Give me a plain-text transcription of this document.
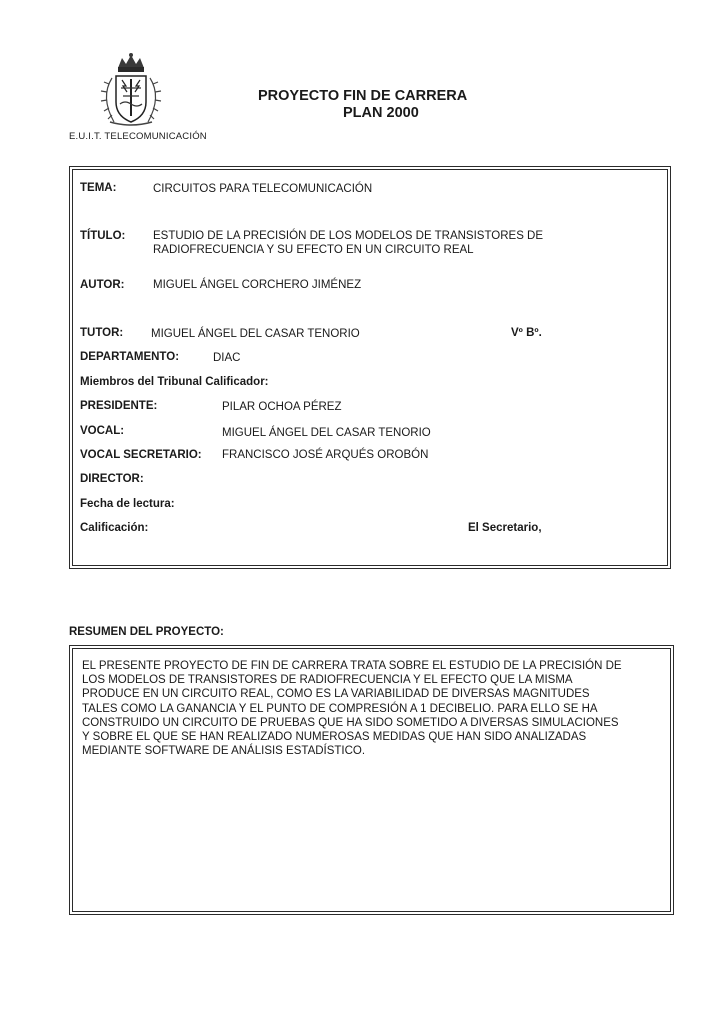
E.U.I.T. TELECOMUNICACIÓN
PROYECTO FIN DE CARRERA
PLAN 2000
TEMA:	CIRCUITOS PARA TELECOMUNICACIÓN
TÍTULO: ESTUDIO DE LA PRECISIÓN DE LOS MODELOS DE TRANSISTORES DE
RADIOFRECUENCIA Y SU EFECTO EN UN CIRCUITO REAL
AUTOR: MIGUEL ÁNGEL CORCHERO JIMÉNEZ
TUTOR: MIGUEL ÁNGEL DEL CASAR TENORIO	Vº Bº.
DEPARTAMENTO:	DIAC
Miembros del Tribunal Calificador:
PRESIDENTE:	PILAR OCHOA PÉREZ
VOCAL:	MIGUEL ÁNGEL DEL CASAR TENORIO
VOCAL SECRETARIO: FRANCISCO JOSÉ ARQUÉS OROBÓN
DIRECTOR:
Fecha de lectura:
Calificación:	El Secretario,
RESUMEN DEL PROYECTO:
EL PRESENTE PROYECTO DE FIN DE CARRERA TRATA SOBRE EL ESTUDIO DE LA PRECISIÓN DE
LOS MODELOS DE TRANSISTORES DE RADIOFRECUENCIA Y EL EFECTO QUE LA MISMA
PRODUCE EN UN CIRCUITO REAL, COMO ES LA VARIABILIDAD DE DIVERSAS MAGNITUDES
TALES COMO LA GANANCIA Y EL PUNTO DE COMPRESIÓN A 1 DECIBELIO. PARA ELLO SE HA
CONSTRUIDO UN CIRCUITO DE PRUEBAS QUE HA SIDO SOMETIDO A DIVERSAS SIMULACIONES
Y SOBRE EL QUE SE HAN REALIZADO NUMEROSAS MEDIDAS QUE HAN SIDO ANALIZADAS
MEDIANTE SOFTWARE DE ANÁLISIS ESTADÍSTICO.
